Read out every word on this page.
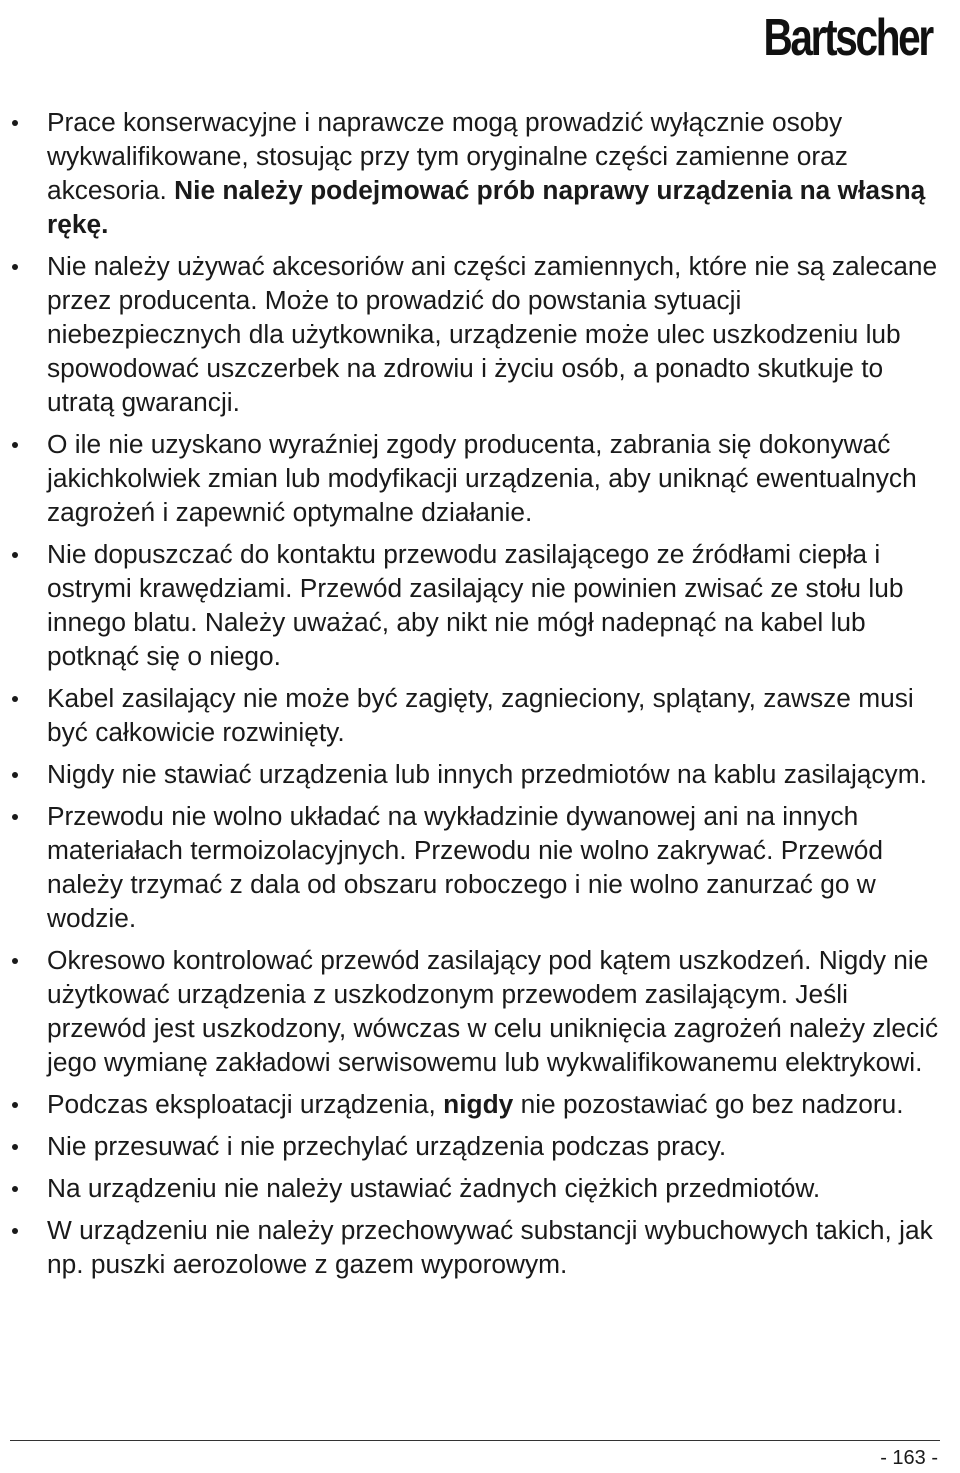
Bartscher
Prace konserwacyjne i naprawcze mogą prowadzić wyłącznie osoby wykwalifikowane, stosując przy tym oryginalne części zamienne oraz akcesoria. Nie należy podejmować prób naprawy urządzenia na własną rękę.
Nie należy używać akcesoriów ani części zamiennych, które nie są zalecane przez producenta. Może to prowadzić do powstania sytuacji niebezpiecznych dla użytkownika, urządzenie może ulec uszkodzeniu lub spowodować uszczerbek na zdrowiu i życiu osób, a ponadto skutkuje to utratą gwarancji.
O ile nie uzyskano wyraźniej zgody producenta, zabrania się dokonywać jakichkolwiek zmian lub modyfikacji urządzenia, aby uniknąć ewentualnych zagrożeń i zapewnić optymalne działanie.
Nie dopuszczać do kontaktu przewodu zasilającego ze źródłami ciepła i ostrymi krawędziami. Przewód zasilający nie powinien zwisać ze stołu lub innego blatu. Należy uważać, aby nikt nie mógł nadepnąć na kabel lub potknąć się o niego.
Kabel zasilający nie może być zagięty, zagnieciony, splątany, zawsze musi być całkowicie rozwinięty.
Nigdy nie stawiać urządzenia lub innych przedmiotów na kablu zasilającym.
Przewodu nie wolno układać na wykładzinie dywanowej ani na innych materiałach termoizolacyjnych. Przewodu nie wolno zakrywać. Przewód należy trzymać z dala od obszaru roboczego i nie wolno zanurzać go w wodzie.
Okresowo kontrolować przewód zasilający pod kątem uszkodzeń. Nigdy nie użytkować urządzenia z uszkodzonym przewodem zasilającym. Jeśli przewód jest uszkodzony, wówczas w celu uniknięcia zagrożeń należy zlecić jego wymianę zakładowi serwisowemu lub wykwalifikowanemu elektrykowi.
Podczas eksploatacji urządzenia, nigdy nie pozostawiać go bez nadzoru.
Nie przesuwać i nie przechylać urządzenia podczas pracy.
Na urządzeniu nie należy ustawiać żadnych ciężkich przedmiotów.
W urządzeniu nie należy przechowywać substancji wybuchowych takich, jak np. puszki aerozolowe z gazem wyporowym.
- 163 -
